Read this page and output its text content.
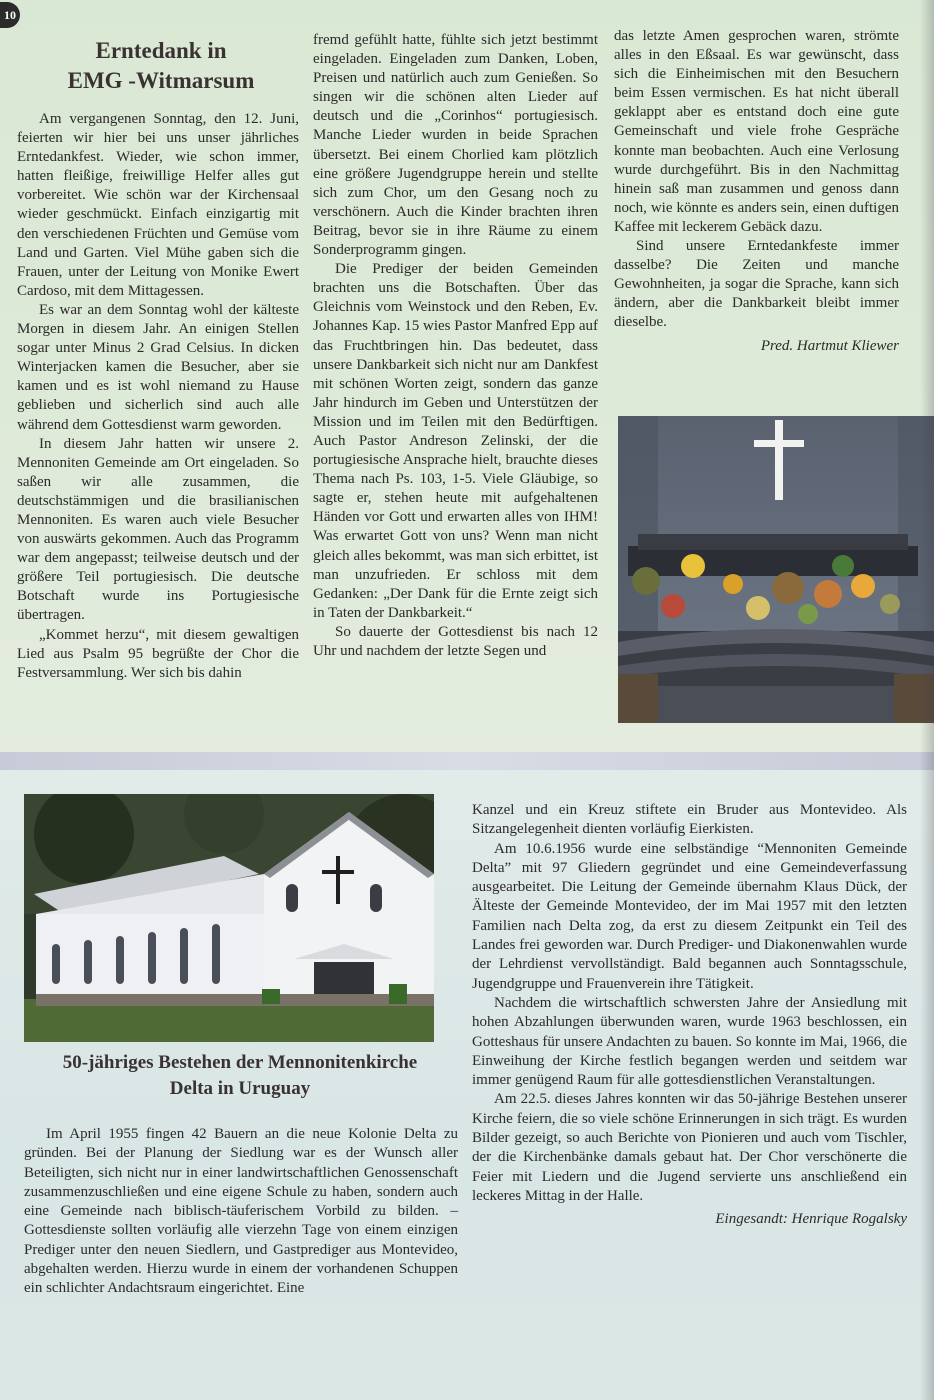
10
Erntedank in
EMG -Witmarsum

Am vergangenen Sonntag, den 12. Juni, feierten wir hier bei uns unser jährliches Erntedankfest. Wieder, wie schon immer, hatten fleißige, freiwillige Helfer alles gut vorbereitet. Wie schön war der Kirchensaal wieder geschmückt. Einfach einzigartig mit den verschiedenen Früchten und Gemüse vom Land und Garten. Viel Mühe gaben sich die Frauen, unter der Leitung von Monike Ewert Cardoso, mit dem Mittagessen.

Es war an dem Sonntag wohl der kälteste Morgen in diesem Jahr. An einigen Stellen sogar unter Minus 2 Grad Celsius. In dicken Winterjacken kamen die Besucher, aber sie kamen und es ist wohl niemand zu Hause geblieben und sicherlich sind auch alle während dem Gottesdienst warm geworden.

In diesem Jahr hatten wir unsere 2. Mennoniten Gemeinde am Ort eingeladen. So saßen wir alle zusammen, die deutschstämmigen und die brasilianischen Mennoniten. Es waren auch viele Besucher von auswärts gekommen. Auch das Programm war dem angepasst; teilweise deutsch und der größere Teil portugiesisch. Die deutsche Botschaft wurde ins Portugiesische übertragen.

„Kommet herzu“, mit diesem gewaltigen Lied aus Psalm 95 begrüßte der Chor die Festversammlung. Wer sich bis dahin

fremd gefühlt hatte, fühlte sich jetzt bestimmt eingeladen. Eingeladen zum Danken, Loben, Preisen und natürlich auch zum Genießen. So singen wir die schönen alten Lieder auf deutsch und die „Corinhos“ portugiesisch. Manche Lieder wurden in beide Sprachen übersetzt. Bei einem Chorlied kam plötzlich eine größere Jugendgruppe herein und stellte sich zum Chor, um den Gesang noch zu verschönern. Auch die Kinder brachten ihren Beitrag, bevor sie in ihre Räume zu einem Sonderprogramm gingen.

Die Prediger der beiden Gemeinden brachten uns die Botschaften. Über das Gleichnis vom Weinstock und den Reben, Ev. Johannes Kap. 15 wies Pastor Manfred Epp auf das Fruchtbringen hin. Das bedeutet, dass unsere Dankbarkeit sich nicht nur am Dankfest mit schönen Worten zeigt, sondern das ganze Jahr hindurch im Geben und Unterstützen der Mission und im Teilen mit den Bedürftigen. Auch Pastor Andreson Zelinski, der die portugiesische Ansprache hielt, brauchte dieses Thema nach Ps. 103, 1-5. Viele Gläubige, so sagte er, stehen heute mit aufgehaltenen Händen vor Gott und erwarten alles von IHM! Was erwartet Gott von uns? Wenn man nicht gleich alles bekommt, was man sich erbittet, ist man unzufrieden. Er schloss mit dem Gedanken: „Der Dank für die Ernte zeigt sich in Taten der Dankbarkeit.“

So dauerte der Gottesdienst bis nach 12 Uhr und nachdem der letzte Segen und

das letzte Amen gesprochen waren, strömte alles in den Eßsaal. Es war gewünscht, dass sich die Einheimischen mit den Besuchern beim Essen vermischen. Es hat nicht überall geklappt aber es entstand doch eine gute Gemeinschaft und viele frohe Gespräche konnte man beobachten. Auch eine Verlosung wurde durchgeführt. Bis in den Nachmittag hinein saß man zusammen und genoss dann noch, wie könnte es anders sein, einen duftigen Kaffee mit leckerem Gebäck dazu.

Sind unsere Erntedankfeste immer dasselbe? Die Zeiten und manche Gewohnheiten, ja sogar die Sprache, kann sich ändern, aber die Dankbarkeit bleibt immer dieselbe.

Pred. Hartmut Kliewer

50-jähriges Bestehen der Mennonitenkirche
Delta in Uruguay

Im April 1955 fingen 42 Bauern an die neue Kolonie Delta zu gründen. Bei der Planung der Siedlung war es der Wunsch aller Beteiligten, sich nicht nur in einer landwirtschaftlichen Genossenschaft zusammenzuschließen und eine eigene Schule zu haben, sondern auch eine Gemeinde nach biblisch-täuferischem Vorbild zu bilden. – Gottesdienste sollten vorläufig alle vierzehn Tage von einem einzigen Prediger unter den neuen Siedlern, und Gastprediger aus Montevideo, abgehalten werden. Hierzu wurde in einem der vorhandenen Schuppen ein schlichter Andachtsraum eingerichtet. Eine

Kanzel und ein Kreuz stiftete ein Bruder aus Montevideo. Als Sitzangelegenheit dienten vorläufig Eierkisten.

Am 10.6.1956 wurde eine selbständige “Mennoniten Gemeinde Delta” mit 97 Gliedern gegründet und eine Gemeindeverfassung ausgearbeitet. Die Leitung der Gemeinde übernahm Klaus Dück, der Älteste der Gemeinde Montevideo, der im Mai 1957 mit den letzten Familien nach Delta zog, da erst zu diesem Zeitpunkt ein Teil des Landes frei geworden war. Durch Prediger- und Diakonenwahlen wurde der Lehrdienst vervollständigt. Bald begannen auch Sonntagsschule, Jugendgruppe und Frauenverein ihre Tätigkeit.

Nachdem die wirtschaftlich schwersten Jahre der Ansiedlung mit hohen Abzahlungen überwunden waren, wurde 1963 beschlossen, ein Gotteshaus für unsere Andachten zu bauen. So konnte im Mai, 1966, die Einweihung der Kirche festlich begangen werden und seitdem war immer genügend Raum für alle gottesdienstlichen Veranstaltungen.

Am 22.5. dieses Jahres konnten wir das 50-jährige Bestehen unserer Kirche feiern, die so viele schöne Erinnerungen in sich trägt. Es wurden Bilder gezeigt, so auch Berichte von Pionieren und auch vom Tischler, der die Kirchenbänke damals gebaut hat. Der Chor verschönerte die Feier mit Liedern und die Jugend servierte uns anschließend ein leckeres Mittag in der Halle.

Eingesandt: Henrique Rogalsky
